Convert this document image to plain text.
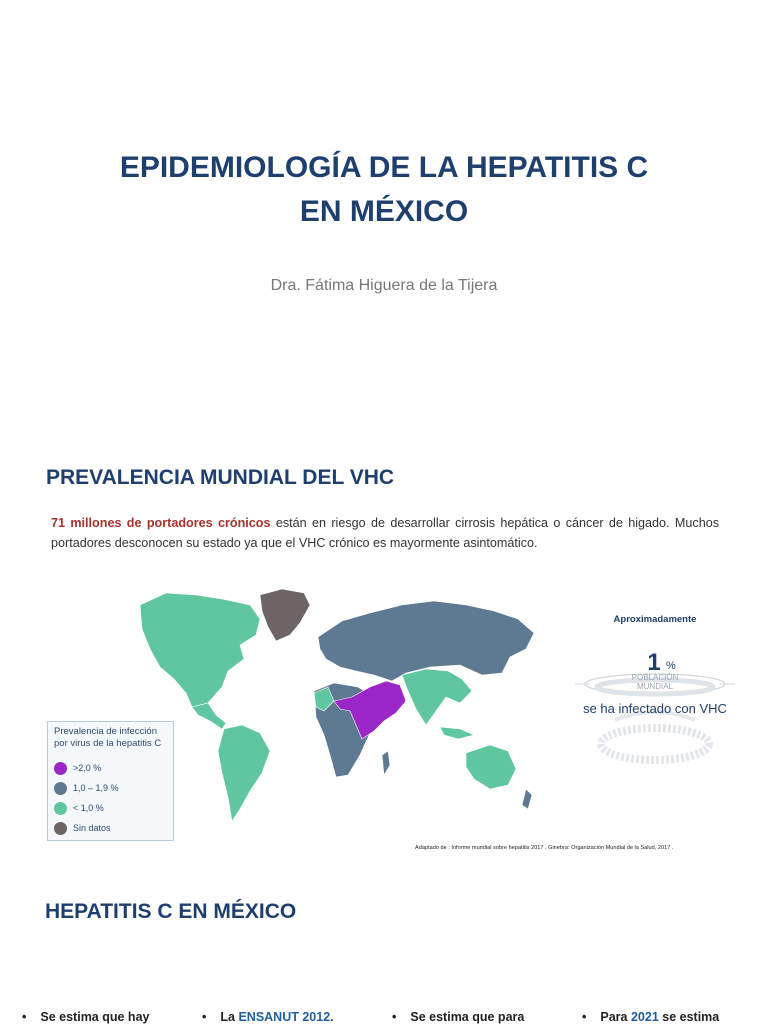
EPIDEMIOLOGÍA DE LA HEPATITIS C
EN MÉXICO
Dra. Fátima Higuera de la Tijera
PREVALENCIA MUNDIAL DEL VHC
71 millones de portadores crónicos están en riesgo de desarrollar cirrosis hepática o cáncer de higado. Muchos portadores desconocen su estado ya que el VHC crónico es mayormente asintomático.
Prevalencia de infección por virus de la hepatitis C
>2,0 %
1,0 – 1,9 %
< 1,0 %
Sin datos
Aproximadamente
1 %
POBLACIÓN
MUNDIAL
se ha infectado con VHC
Adaptado de : Informe mundial sobre hepatitis 2017 . Ginebra: Organización Mundial de la Salud, 2017 .
HEPATITIS C EN MÉXICO
• Se estima que hay	• La ENSANUT 2012.	• Se estima que para	• Para 2021 se estima
